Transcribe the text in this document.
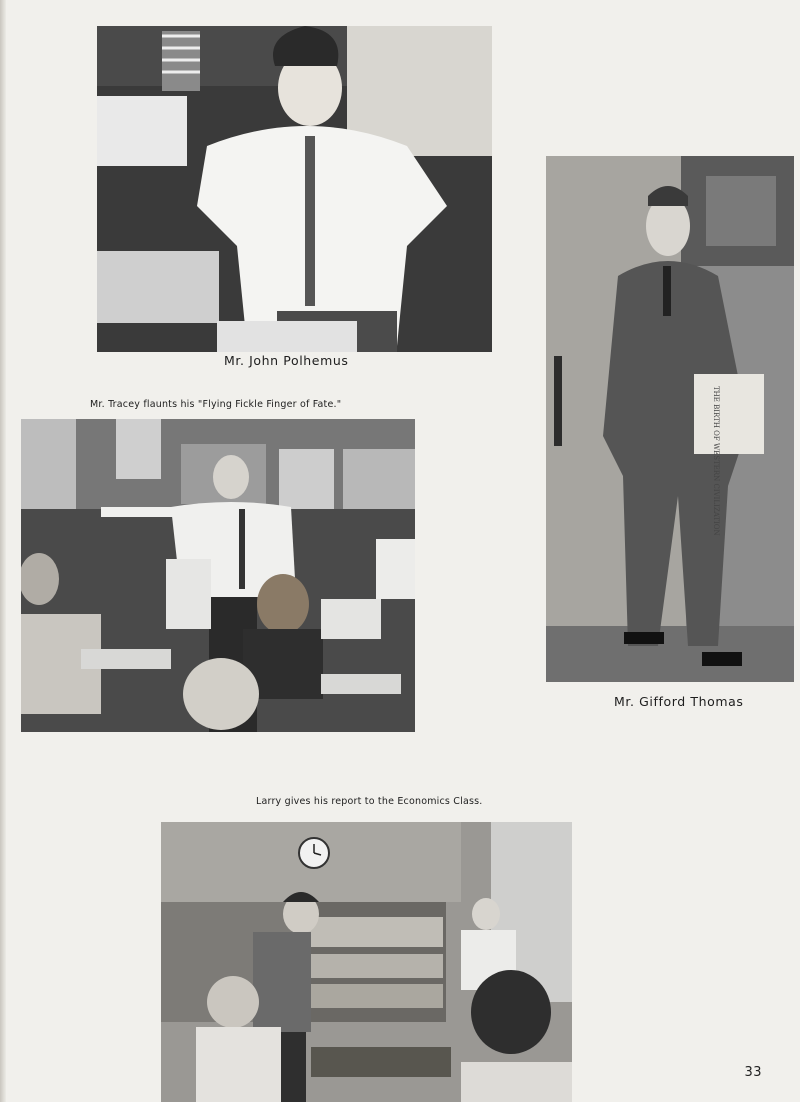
Mr. John Polhemus
THE BIRTH OF WESTERN CIVILIZATION
Mr. Gifford Thomas
Mr. Tracey flaunts his "Flying Fickle Finger of Fate."
Larry gives his report to the Economics Class.
33
